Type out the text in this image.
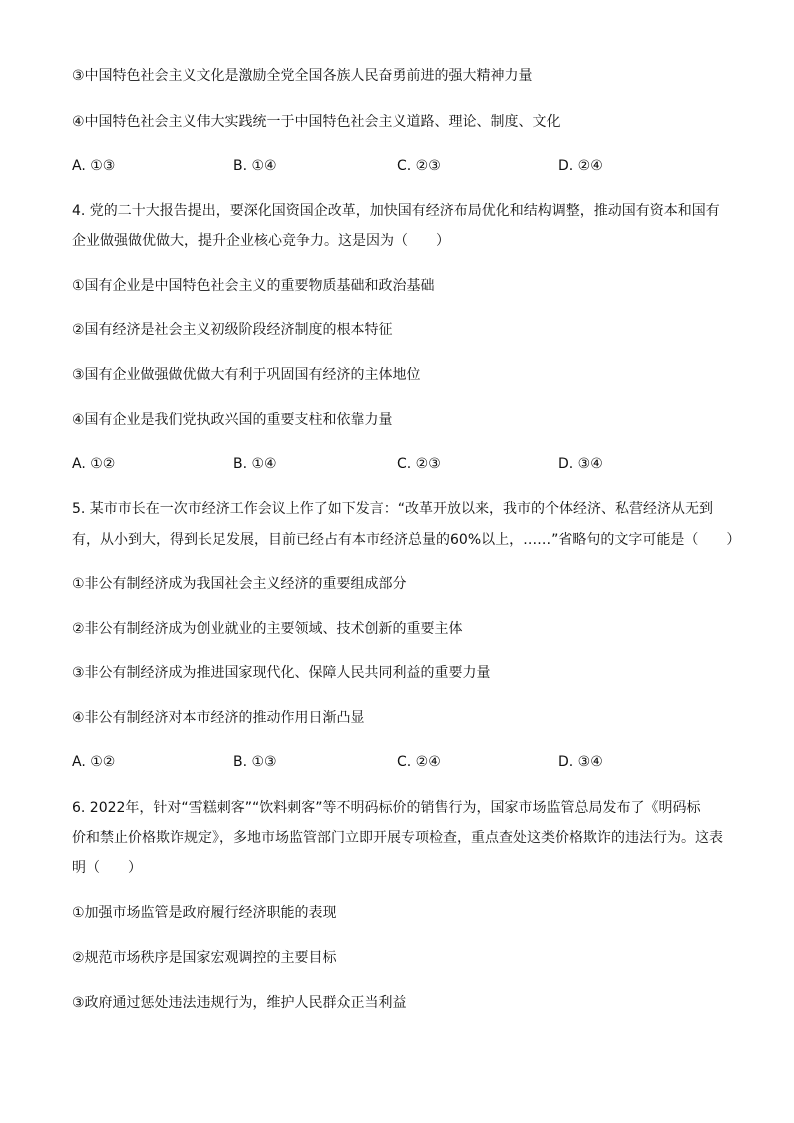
③中国特色社会主义文化是激励全党全国各族人民奋勇前进的强大精神力量
④中国特色社会主义伟大实践统一于中国特色社会主义道路、理论、制度、文化
A. ①③	B. ①④	C. ②③	D. ②④
4. 党的二十大报告提出，要深化国资国企改革，加快国有经济布局优化和结构调整，推动国有资本和国有
企业做强做优做大，提升企业核心竞争力。这是因为（　　）
①国有企业是中国特色社会主义的重要物质基础和政治基础
②国有经济是社会主义初级阶段经济制度的根本特征
③国有企业做强做优做大有利于巩固国有经济的主体地位
④国有企业是我们党执政兴国的重要支柱和依靠力量
A. ①②	B. ①④	C. ②③	D. ③④
5. 某市市长在一次市经济工作会议上作了如下发言：“改革开放以来，我市的个体经济、私营经济从无到
有，从小到大，得到长足发展，目前已经占有本市经济总量的60%以上，……”省略句的文字可能是（　　）
①非公有制经济成为我国社会主义经济的重要组成部分
②非公有制经济成为创业就业的主要领域、技术创新的重要主体
③非公有制经济成为推进国家现代化、保障人民共同利益的重要力量
④非公有制经济对本市经济的推动作用日渐凸显
A. ①②	B. ①③	C. ②④	D. ③④
6. 2022年，针对“雪糕刺客”“饮料刺客”等不明码标价的销售行为，国家市场监管总局发布了《明码标
价和禁止价格欺诈规定》，多地市场监管部门立即开展专项检查，重点查处这类价格欺诈的违法行为。这表
明（　　）
①加强市场监管是政府履行经济职能的表现
②规范市场秩序是国家宏观调控的主要目标
③政府通过惩处违法违规行为，维护人民群众正当利益
